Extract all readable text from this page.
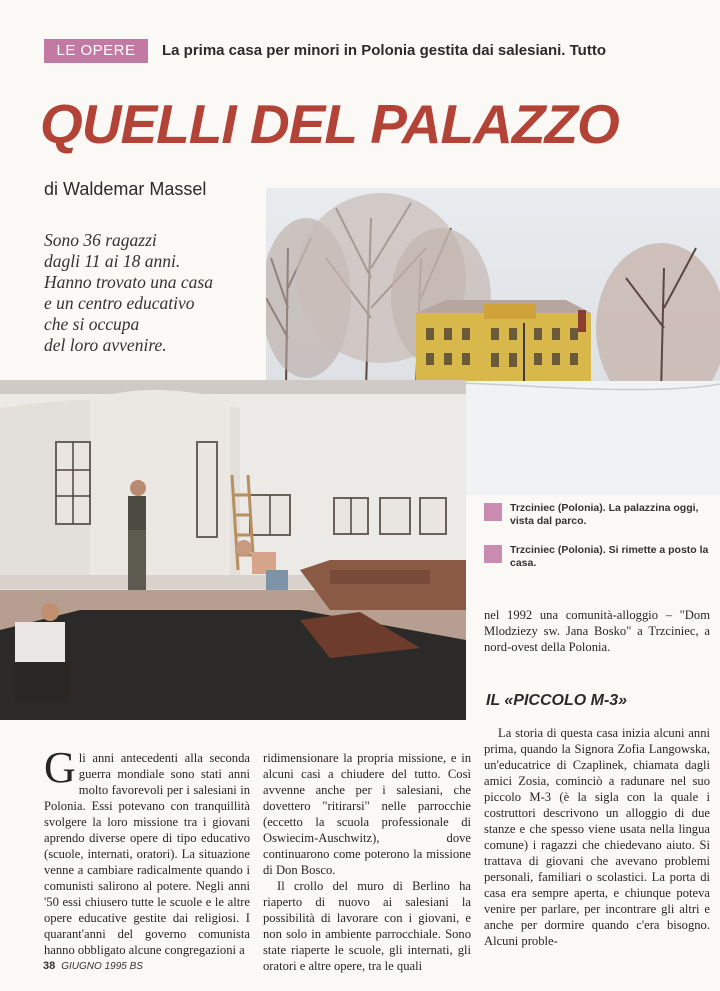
LE OPERE	La prima casa per minori in Polonia gestita dai salesiani. Tutto
QUELLI DEL PALAZZO
di Waldemar Massel
Sono 36 ragazzi
dagli 11 ai 18 anni.
Hanno trovato una casa
e un centro educativo
che si occupa
del loro avvenire.
Trzciniec (Polonia). La palazzina oggi, vista dal parco.
Trzciniec (Polonia). Si rimette a posto la casa.

nel 1992 una comunità-alloggio – "Dom Mlodziezy sw. Jana Bosko" a Trzciniec, a nord-ovest della Polonia.

IL «PICCOLO M-3»

Gli anni antecedenti alla seconda guerra mondiale sono stati anni molto favorevoli per i salesiani in Polonia. Essi potevano con tranquillità svolgere la loro missione tra i giovani aprendo diverse opere di tipo educativo (scuole, internati, oratori). La situazione venne a cambiare radicalmente quando i comunisti salirono al potere. Negli anni '50 essi chiusero tutte le scuole e le altre opere educative gestite dai religiosi. I quarant'anni del governo comunista hanno obbligato alcune congregazioni a

ridimensionare la propria missione, e in alcuni casi a chiudere del tutto. Così avvenne anche per i salesiani, che dovettero "ritirarsi" nelle parrocchie (eccetto la scuola professionale di Oswiecim-Auschwitz), dove continuarono come poterono la missione di Don Bosco.

Il crollo del muro di Berlino ha riaperto di nuovo ai salesiani la possibilità di lavorare con i giovani, e non solo in ambiente parrocchiale. Sono state riaperte le scuole, gli internati, gli oratori e altre opere, tra le quali

La storia di questa casa inizia alcuni anni prima, quando la Signora Zofia Langowska, un'educatrice di Czaplinek, chiamata dagli amici Zosia, cominciò a radunare nel suo piccolo M-3 (è la sigla con la quale i costruttori descrivono un alloggio di due stanze e che spesso viene usata nella lingua comune) i ragazzi che chiedevano aiuto. Si trattava di giovani che avevano problemi personali, familiari o scolastici. La porta di casa era sempre aperta, e chiunque poteva venire per parlare, per incontrare gli altri e anche per dormire quando c'era bisogno. Alcuni proble-

38 GIUGNO 1995 BS
